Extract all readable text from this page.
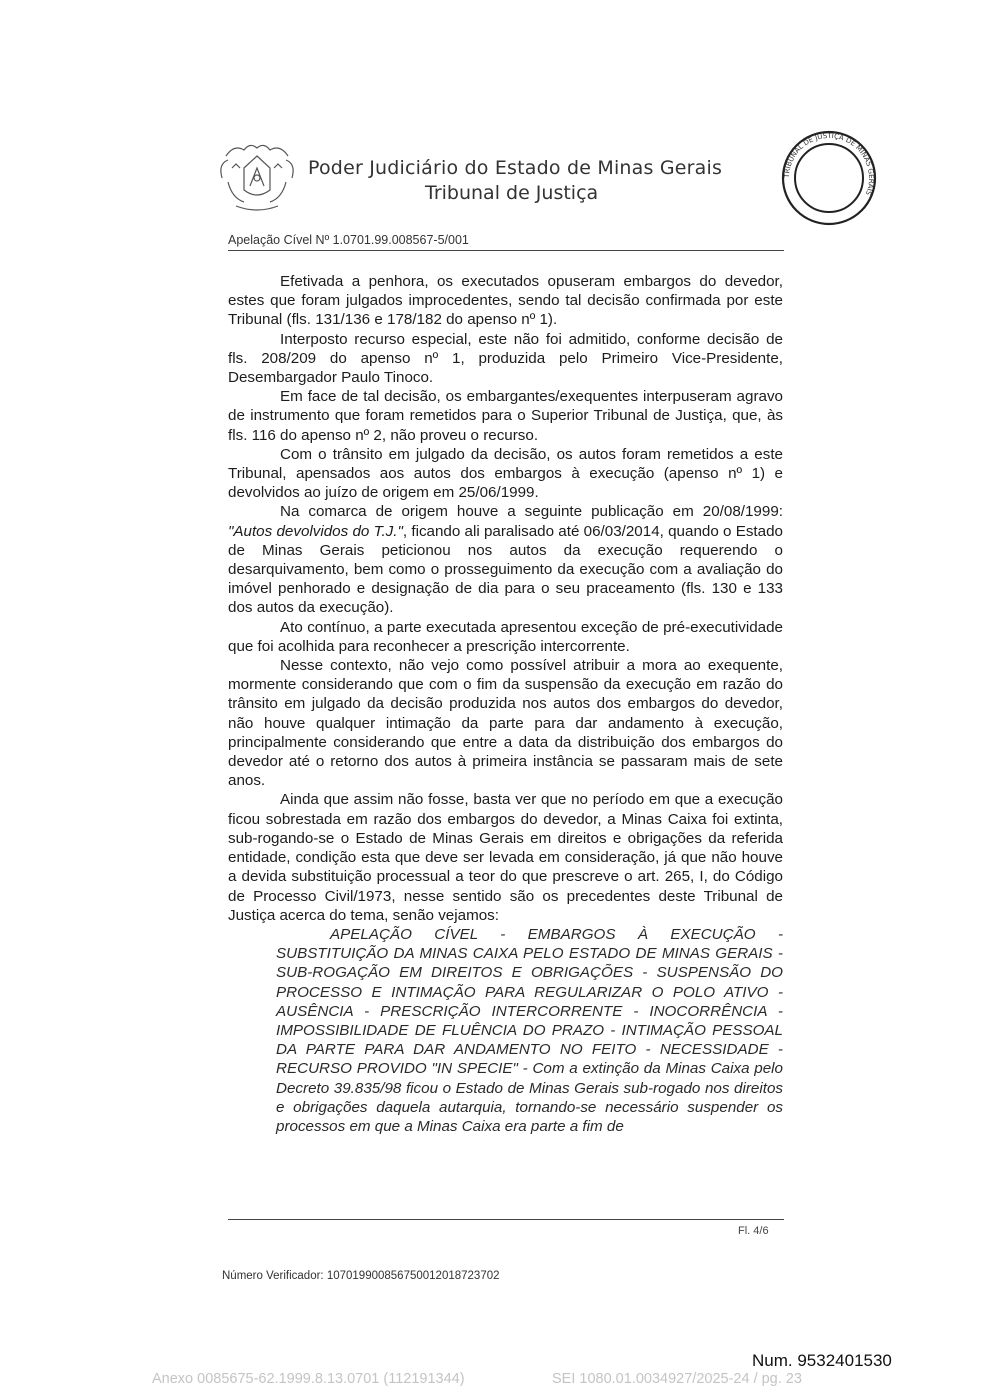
Poder Judiciário do Estado de Minas Gerais
Tribunal de Justiça
TRIBUNAL DE JUSTIÇA DE MINAS GERAIS
Apelação Cível Nº 1.0701.99.008567-5/001

Efetivada a penhora, os executados opuseram embargos do devedor, estes que foram julgados improcedentes, sendo tal decisão confirmada por este Tribunal (fls. 131/136 e 178/182 do apenso nº 1).

Interposto recurso especial, este não foi admitido, conforme decisão de fls. 208/209 do apenso nº 1, produzida pelo Primeiro Vice-Presidente, Desembargador Paulo Tinoco.

Em face de tal decisão, os embargantes/exequentes interpuseram agravo de instrumento que foram remetidos para o Superior Tribunal de Justiça, que, às fls. 116 do apenso nº 2, não proveu o recurso.

Com o trânsito em julgado da decisão, os autos foram remetidos a este Tribunal, apensados aos autos dos embargos à execução (apenso nº 1) e devolvidos ao juízo de origem em 25/06/1999.

Na comarca de origem houve a seguinte publicação em 20/08/1999: "Autos devolvidos do T.J.", ficando ali paralisado até 06/03/2014, quando o Estado de Minas Gerais peticionou nos autos da execução requerendo o desarquivamento, bem como o prosseguimento da execução com a avaliação do imóvel penhorado e designação de dia para o seu praceamento (fls. 130 e 133 dos autos da execução).

Ato contínuo, a parte executada apresentou exceção de pré-executividade que foi acolhida para reconhecer a prescrição intercorrente.

Nesse contexto, não vejo como possível atribuir a mora ao exequente, mormente considerando que com o fim da suspensão da execução em razão do trânsito em julgado da decisão produzida nos autos dos embargos do devedor, não houve qualquer intimação da parte para dar andamento à execução, principalmente considerando que entre a data da distribuição dos embargos do devedor até o retorno dos autos à primeira instância se passaram mais de sete anos.

Ainda que assim não fosse, basta ver que no período em que a execução ficou sobrestada em razão dos embargos do devedor, a Minas Caixa foi extinta, sub-rogando-se o Estado de Minas Gerais em direitos e obrigações da referida entidade, condição esta que deve ser levada em consideração, já que não houve a devida substituição processual a teor do que prescreve o art. 265, I, do Código de Processo Civil/1973, nesse sentido são os precedentes deste Tribunal de Justiça acerca do tema, senão vejamos:

APELAÇÃO CÍVEL - EMBARGOS À EXECUÇÃO - SUBSTITUIÇÃO DA MINAS CAIXA PELO ESTADO DE MINAS GERAIS - SUB-ROGAÇÃO EM DIREITOS E OBRIGAÇÕES - SUSPENSÃO DO PROCESSO E INTIMAÇÃO PARA REGULARIZAR O POLO ATIVO - AUSÊNCIA - PRESCRIÇÃO INTERCORRENTE - INOCORRÊNCIA - IMPOSSIBILIDADE DE FLUÊNCIA DO PRAZO - INTIMAÇÃO PESSOAL DA PARTE PARA DAR ANDAMENTO NO FEITO - NECESSIDADE - RECURSO PROVIDO "IN SPECIE" - Com a extinção da Minas Caixa pelo Decreto 39.835/98 ficou o Estado de Minas Gerais sub-rogado nos direitos e obrigações daquela autarquia, tornando-se necessário suspender os processos em que a Minas Caixa era parte a fim de

Fl. 4/6
Número Verificador: 10701990085675001201872370​2
Num. 9532401530
Anexo 0085675-62.1999.8.13.0701 (112191344)	SEI 1080.01.0034927/2025-24 / pg. 23
